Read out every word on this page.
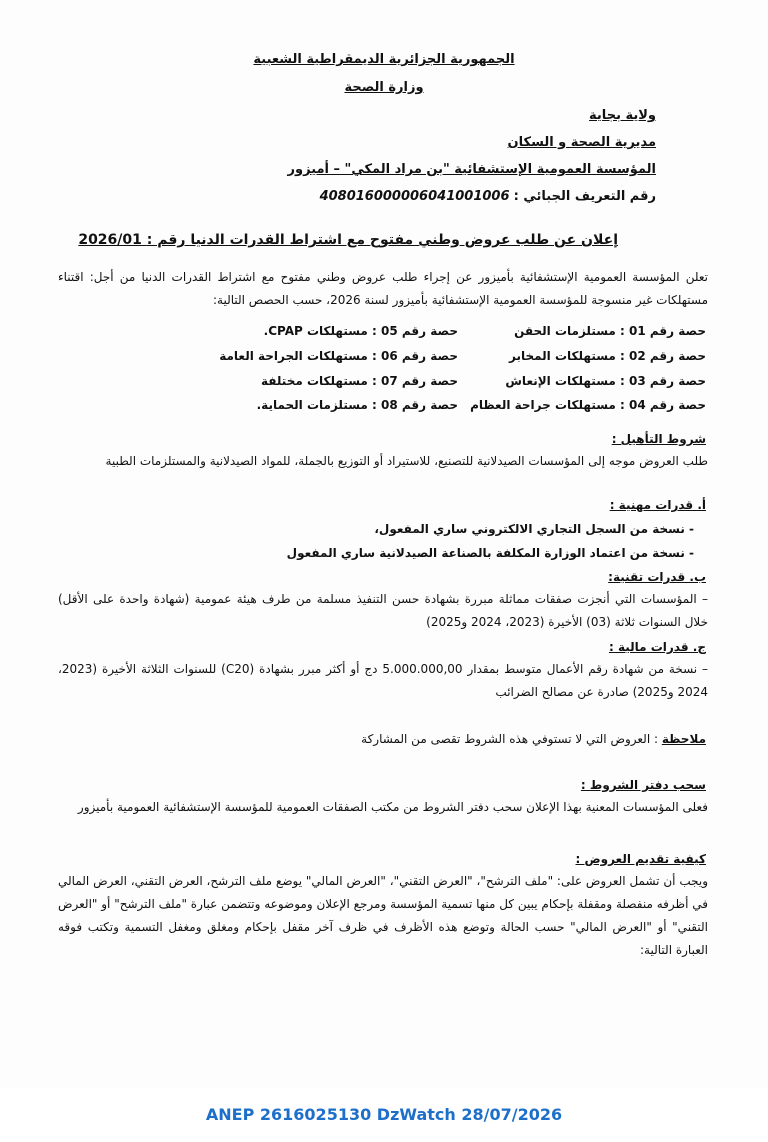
الجمهورية الجزائرية الديمقراطية الشعبية
وزارة الصحة
ولاية بجاية
مديرية الصحة و السكان
المؤسسة العمومية الإستشفائية "بن مراد المكي" – أميزور
رقم التعريف الجبائي : 408016000006041001006
إعلان عن طلب عروض وطني مفتوح مع اشتراط القدرات الدنيا رقم : 2026/01
تعلن المؤسسة العمومية الإستشفائية بأميزور عن إجراء طلب عروض وطني مفتوح مع اشتراط القدرات الدنيا من أجل: اقتناء مستهلكات غير منسوجة للمؤسسة العمومية الإستشفائية بأميزور لسنة 2026، حسب الحصص التالية:
حصة رقم 01 : مستلزمات الحقن
حصة رقم 02 : مستهلكات المخابر
حصة رقم 03 : مستهلكات الإنعاش
حصة رقم 04 : مستهلكات جراحة العظام
حصة رقم 05 : مستهلكات CPAP.
حصة رقم 06 : مستهلكات الجراحة العامة
حصة رقم 07 : مستهلكات مختلفة
حصة رقم 08 : مستلزمات الحماية.
شروط التأهيل :
طلب العروض موجه إلى المؤسسات الصيدلانية للتصنيع، للاستيراد أو التوزيع بالجملة، للمواد الصيدلانية والمستلزمات الطبية
أ. قدرات مهنية :
- نسخة من السجل التجاري الالكتروني ساري المفعول،
- نسخة من اعتماد الوزارة المكلفة بالصناعة الصيدلانية ساري المفعول
ب. قدرات تقنية:
– المؤسسات التي أنجزت صفقات مماثلة مبررة بشهادة حسن التنفيذ مسلمة من طرف هيئة عمومية (شهادة واحدة على الأقل) خلال السنوات ثلاثة (03) الأخيرة (2023، 2024 و2025)
ج. قدرات مالية :
– نسخة من شهادة رقم الأعمال متوسط بمقدار 5.000.000,00 دج أو أكثر مبرر بشهادة (C20) للسنوات الثلاثة الأخيرة (2023، 2024 و2025) صادرة عن مصالح الضرائب
ملاحظة : العروض التي لا تستوفي هذه الشروط تقصى من المشاركة
سحب دفتر الشروط :
فعلى المؤسسات المعنية بهذا الإعلان سحب دفتر الشروط من مكتب الصفقات العمومية للمؤسسة الإستشفائية العمومية بأميزور
كيفية تقديم العروض :
ويجب أن تشمل العروض على: "ملف الترشح"، "العرض التقني"، "العرض المالي" يوضع ملف الترشح، العرض التقني، العرض المالي في أظرفه منفصلة ومقفلة بإحكام يبين كل منها تسمية المؤسسة ومرجع الإعلان وموضوعه وتتضمن عبارة "ملف الترشح" أو "العرض التقني" أو "العرض المالي" حسب الحالة وتوضع هذه الأظرف في ظرف آخر مقفل بإحكام ومغلق ومغفل التسمية وتكتب فوقه العبارة التالية:
ANEP 2616025130 DzWatch 28/07/2026
